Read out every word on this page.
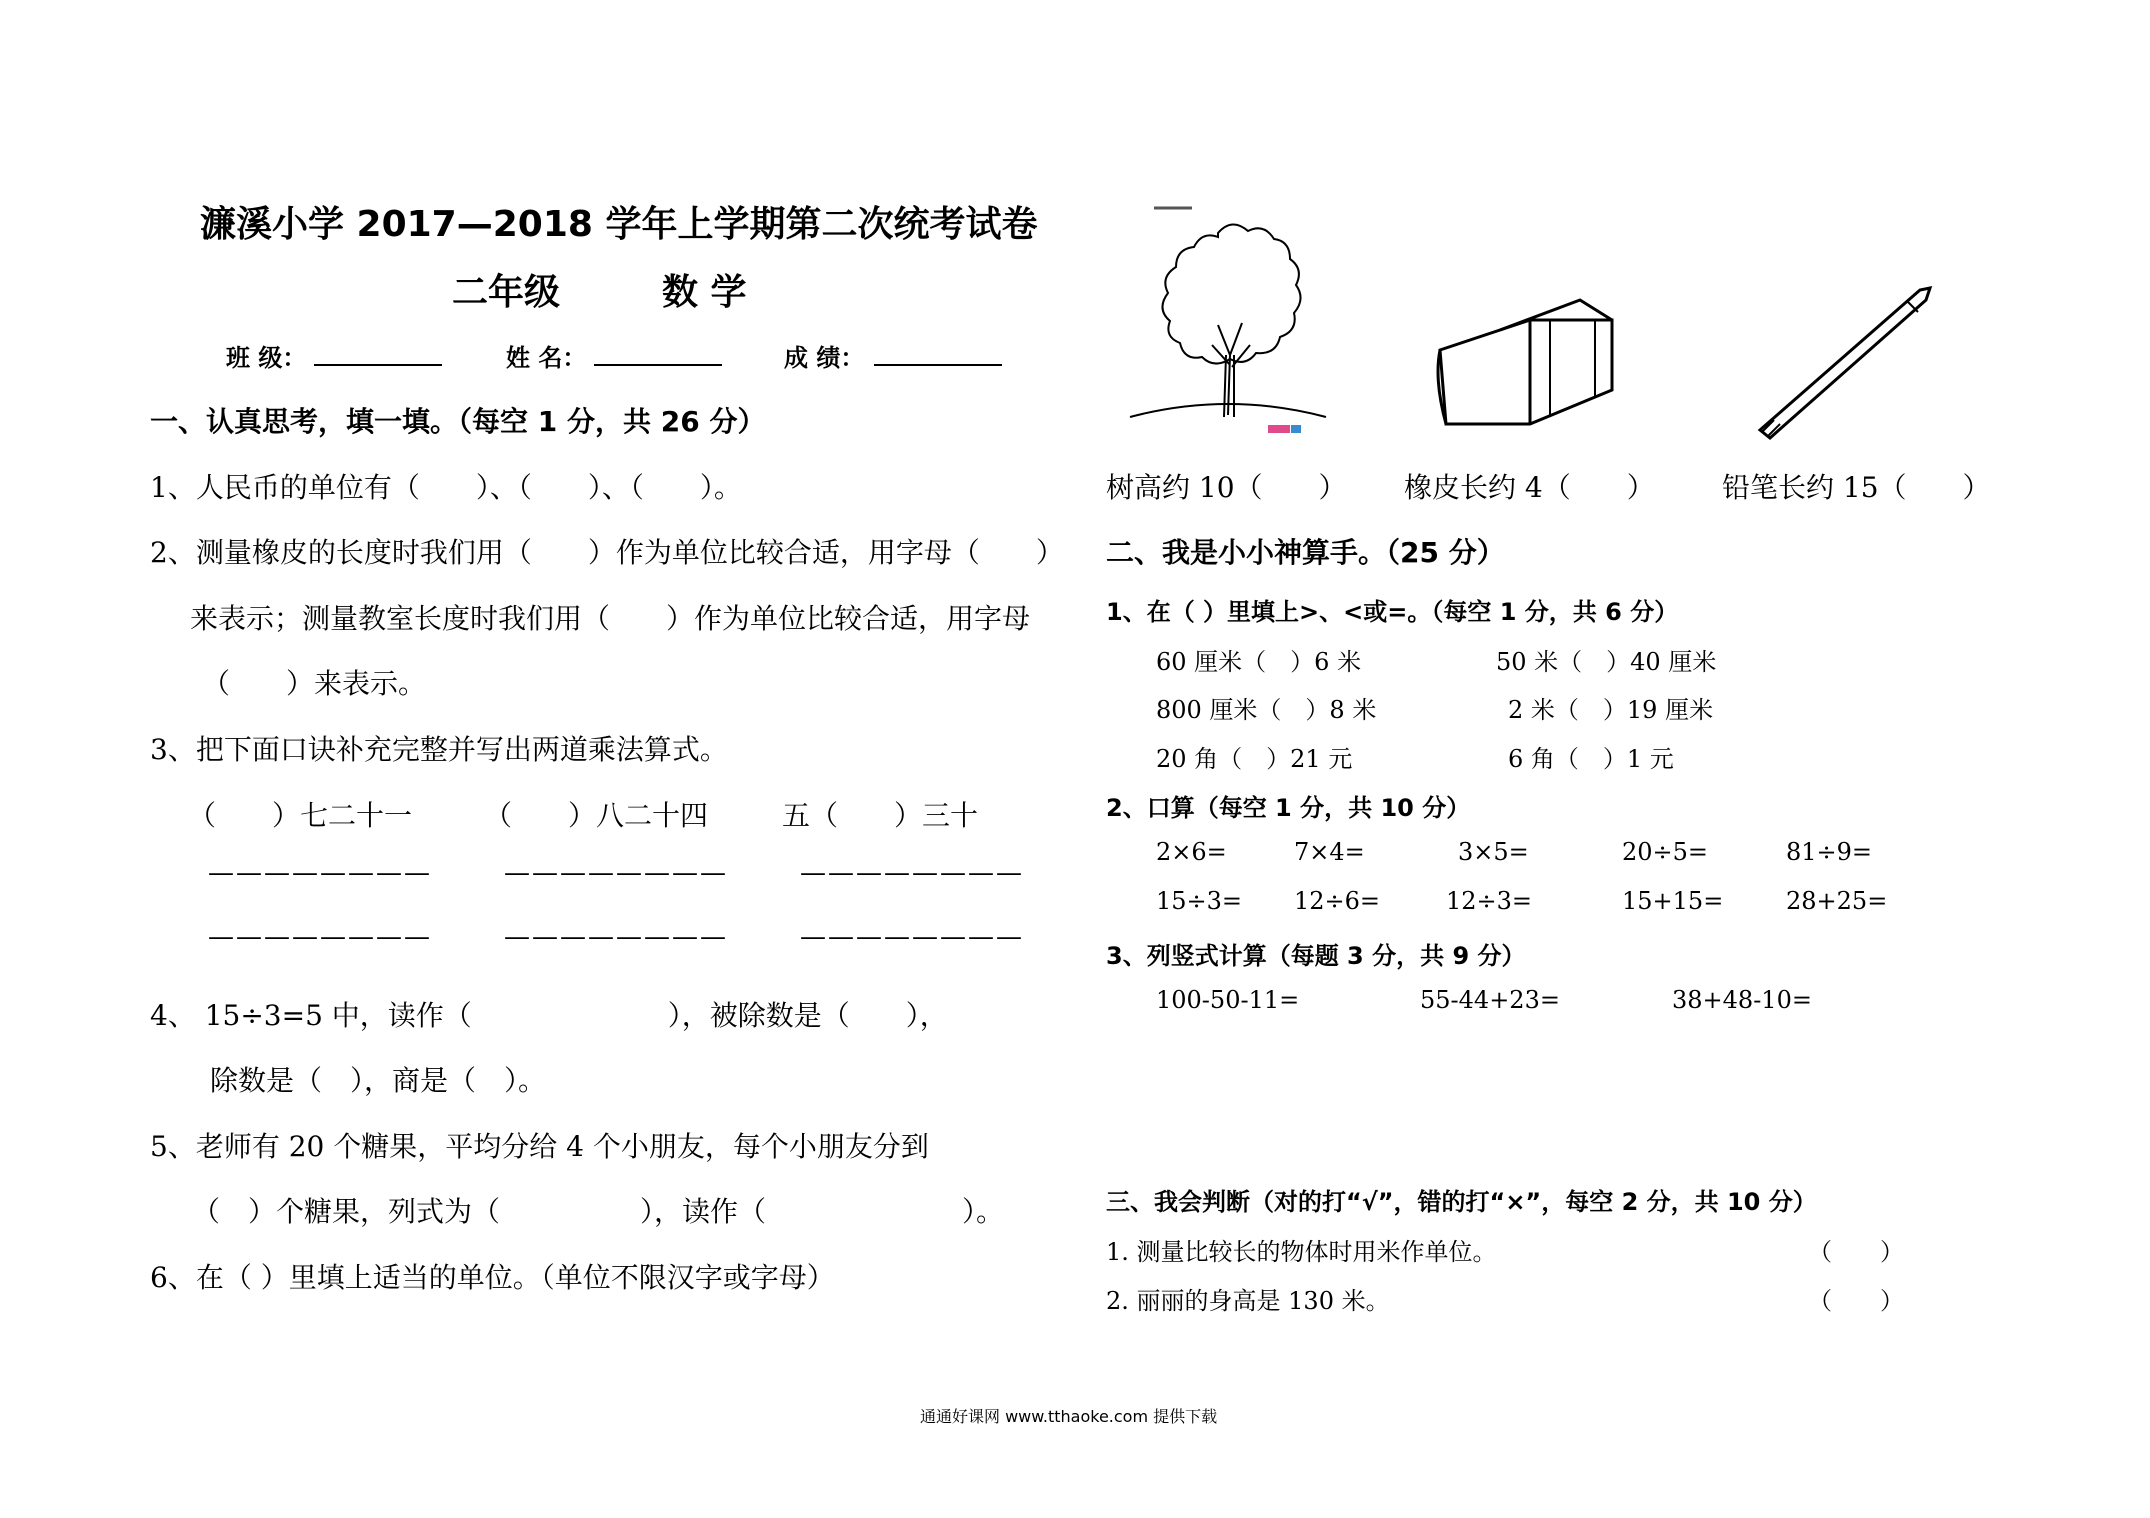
濂溪小学 2017—2018 学年上学期第二次统考试卷
二年级	数 学
班 级：	姓 名：	成 绩：
一、认真思考，填一填。（每空 1 分，共 26 分）
1、人民币的单位有（　　）、（　　）、（　　）。
2、测量橡皮的长度时我们用（　　）作为单位比较合适，用字母（　　）
来表示；测量教室长度时我们用（　　）作为单位比较合适，用字母
（　　）来表示。
3、把下面口诀补充完整并写出两道乘法算式。
（　　）七二十一	（　　）八二十四	五（　　）三十
————————	————————	————————
————————	————————	————————
4、 15÷3=5 中，读作（　　　　　　　），被除数是（　　），
除数是（　），商是（　）。
5、老师有 20 个糖果，平均分给 4 个小朋友，每个小朋友分到
（　）个糖果，列式为（　　　　　），读作（　　　　　　　）。
6、在（ ）里填上适当的单位。（单位不限汉字或字母）
树高约 10（　　） 橡皮长约 4（　　） 铅笔长约 15（　　）
二、我是小小神算手。（25 分）
1、在（ ）里填上>、<或=。（每空 1 分，共 6 分）
60 厘米（　）6 米	50 米（　）40 厘米
800 厘米（　）8 米	2 米（　）19 厘米
20 角（　）21 元	6 角（　）1 元
2、口算（每空 1 分，共 10 分）
2×6=	7×4=	3×5=	20÷5=	81÷9=
15÷3= 12÷6=	12÷3=	15+15=	28+25=
3、列竖式计算（每题 3 分，共 9 分）
100-50-11=	55-44+23=	38+48-10=
三、我会判断（对的打“√”，错的打“×”，每空 2 分，共 10 分）
1. 测量比较长的物体时用米作单位。	（　　）
2. 丽丽的身高是 130 米。	（　　）
通通好课网 www.tthaoke.com 提供下载
